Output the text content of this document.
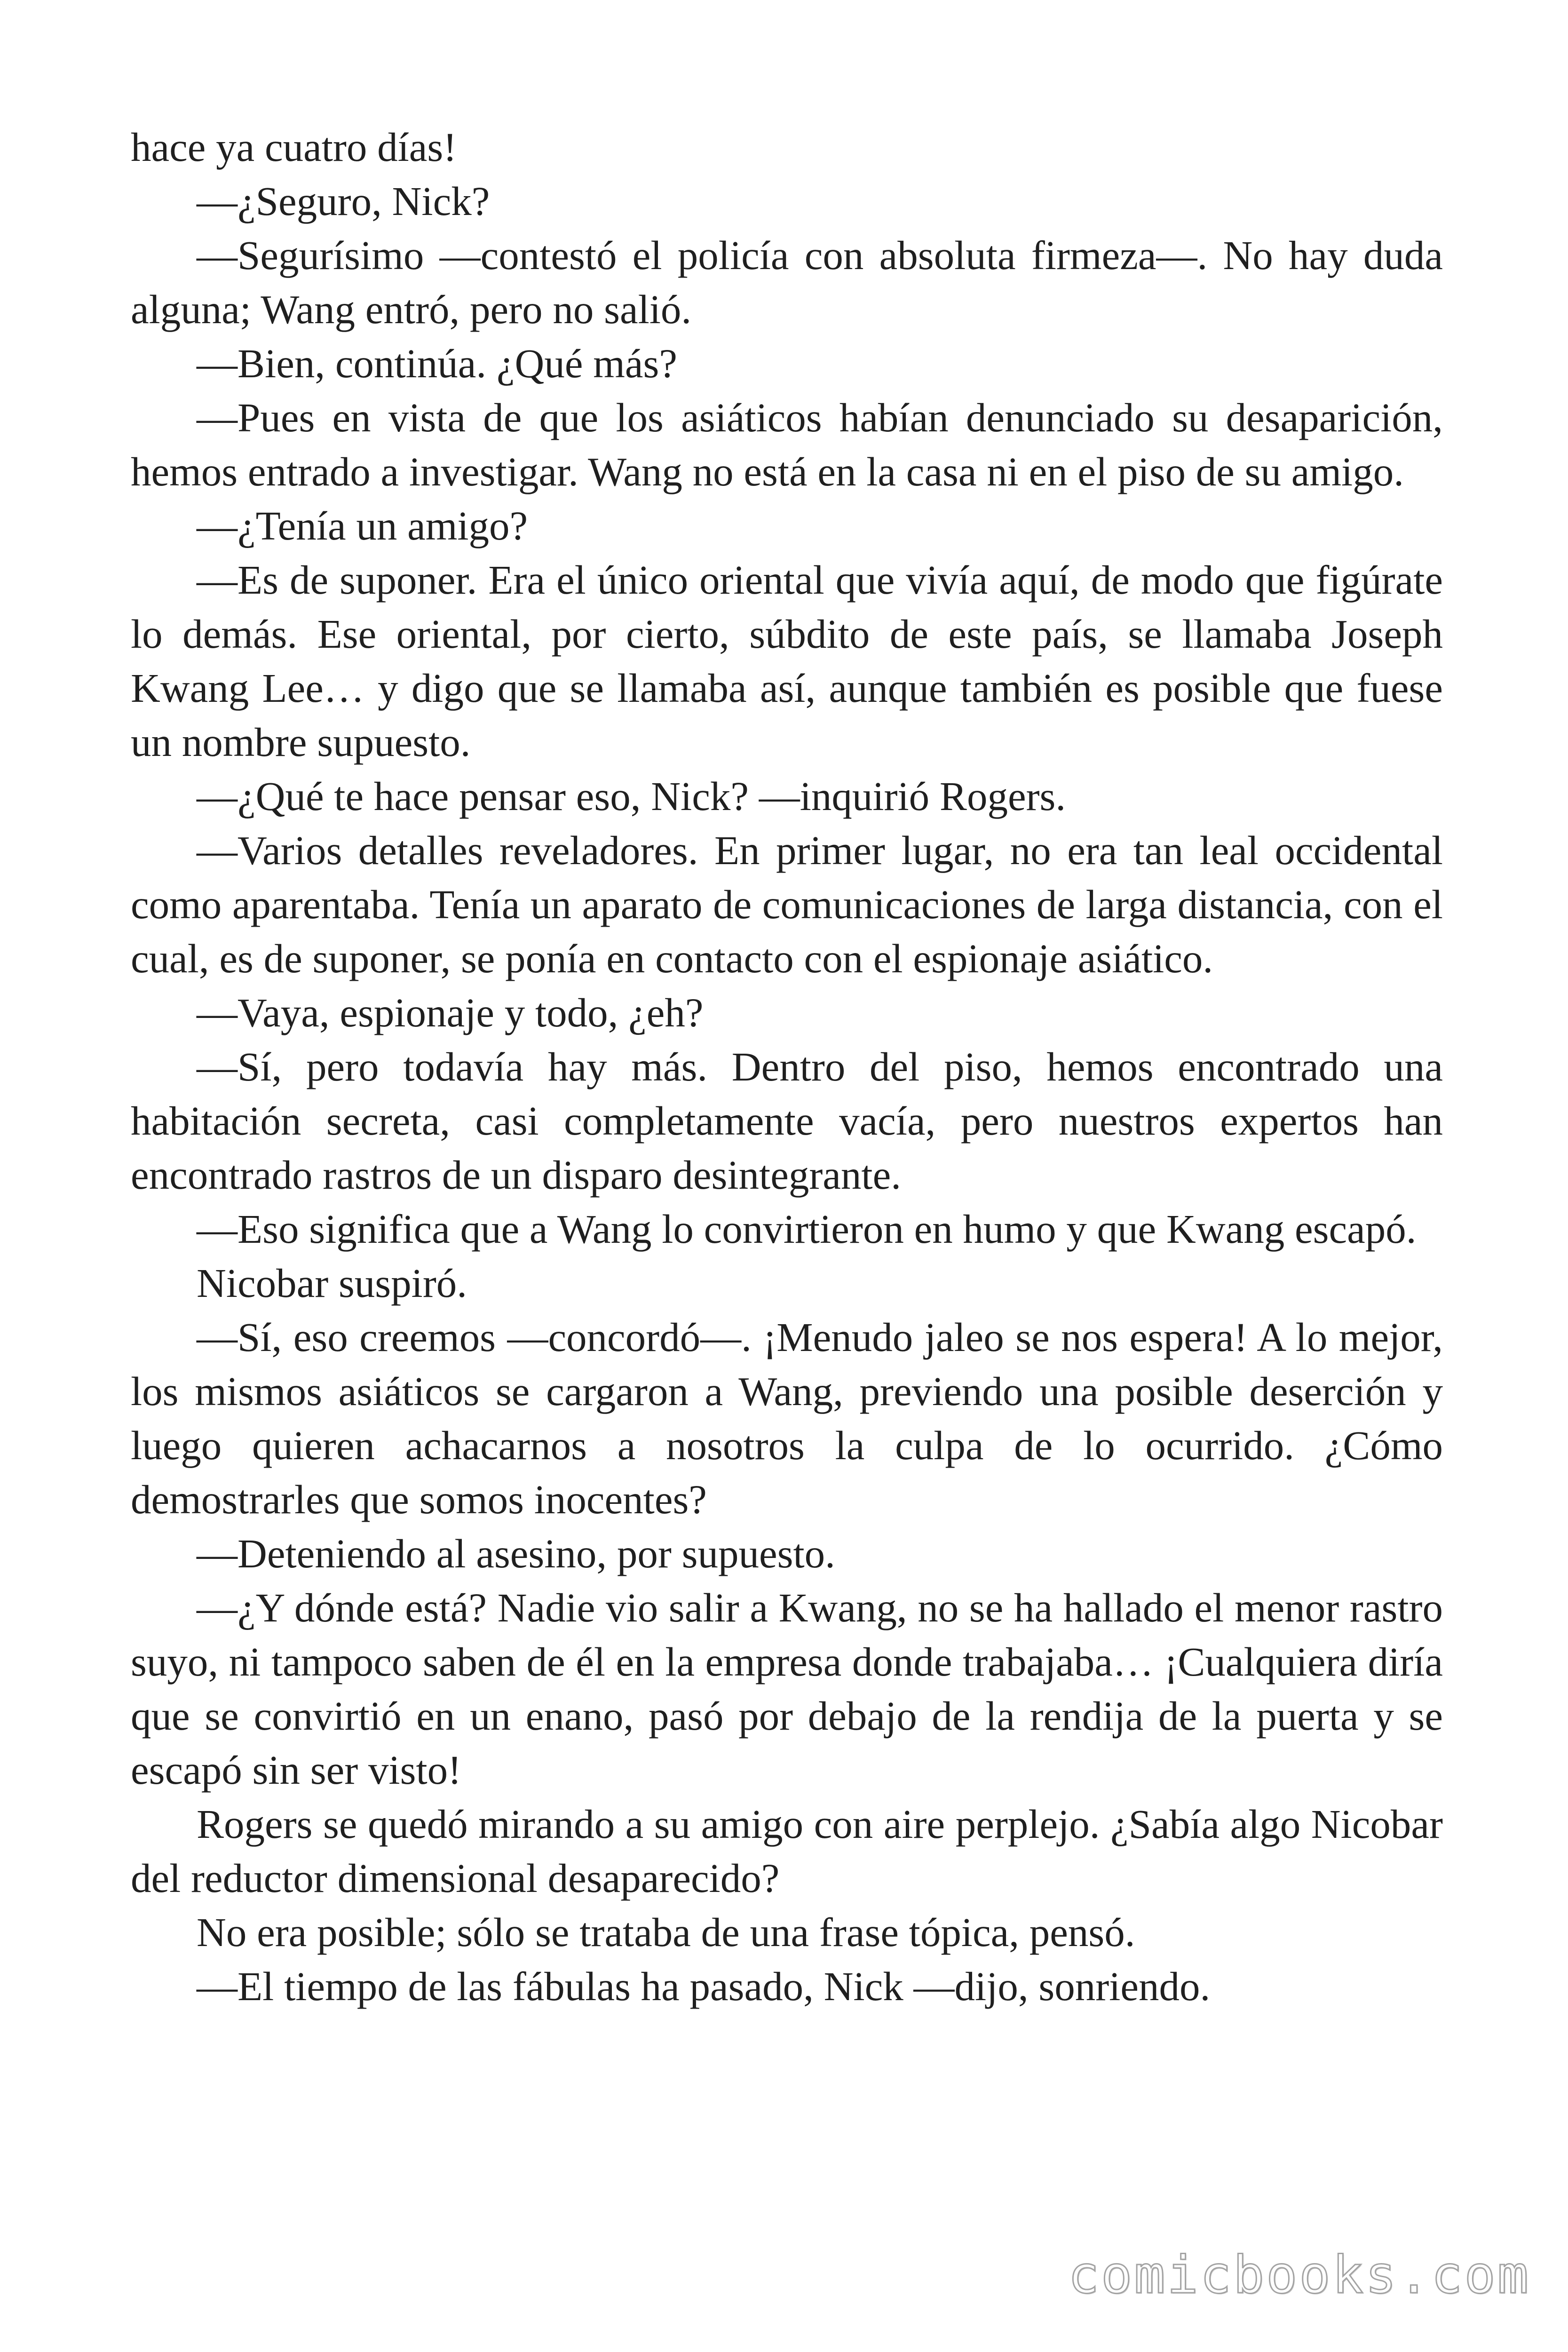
hace ya cuatro días!

—¿Seguro, Nick?

—Segurísimo —contestó el policía con absoluta firmeza—. No hay duda alguna; Wang entró, pero no salió.

—Bien, continúa. ¿Qué más?

—Pues en vista de que los asiáticos habían denunciado su desaparición, hemos entrado a investigar. Wang no está en la casa ni en el piso de su amigo.

—¿Tenía un amigo?

—Es de suponer. Era el único oriental que vivía aquí, de modo que figúrate lo demás. Ese oriental, por cierto, súbdito de este país, se llamaba Joseph Kwang Lee… y digo que se llamaba así, aunque también es posible que fuese un nombre supuesto.

—¿Qué te hace pensar eso, Nick? —inquirió Rogers.

—Varios detalles reveladores. En primer lugar, no era tan leal occidental como aparentaba. Tenía un aparato de comunicaciones de larga distancia, con el cual, es de suponer, se ponía en contacto con el espionaje asiático.

—Vaya, espionaje y todo, ¿eh?

—Sí, pero todavía hay más. Dentro del piso, hemos encontrado una habitación secreta, casi completamente vacía, pero nuestros expertos han encontrado rastros de un disparo desintegrante.

—Eso significa que a Wang lo convirtieron en humo y que Kwang escapó.

Nicobar suspiró.

—Sí, eso creemos —concordó—. ¡Menudo jaleo se nos espera! A lo mejor, los mismos asiáticos se cargaron a Wang, previendo una posible deserción y luego quieren achacarnos a nosotros la culpa de lo ocurrido. ¿Cómo demostrarles que somos inocentes?

—Deteniendo al asesino, por supuesto.

—¿Y dónde está? Nadie vio salir a Kwang, no se ha hallado el menor rastro suyo, ni tampoco saben de él en la empresa donde trabajaba… ¡Cualquiera diría que se convirtió en un enano, pasó por debajo de la rendija de la puerta y se escapó sin ser visto!

Rogers se quedó mirando a su amigo con aire perplejo. ¿Sabía algo Nicobar del reductor dimensional desaparecido?

No era posible; sólo se trataba de una frase tópica, pensó.

—El tiempo de las fábulas ha pasado, Nick —dijo, sonriendo.

comicbooks.com
